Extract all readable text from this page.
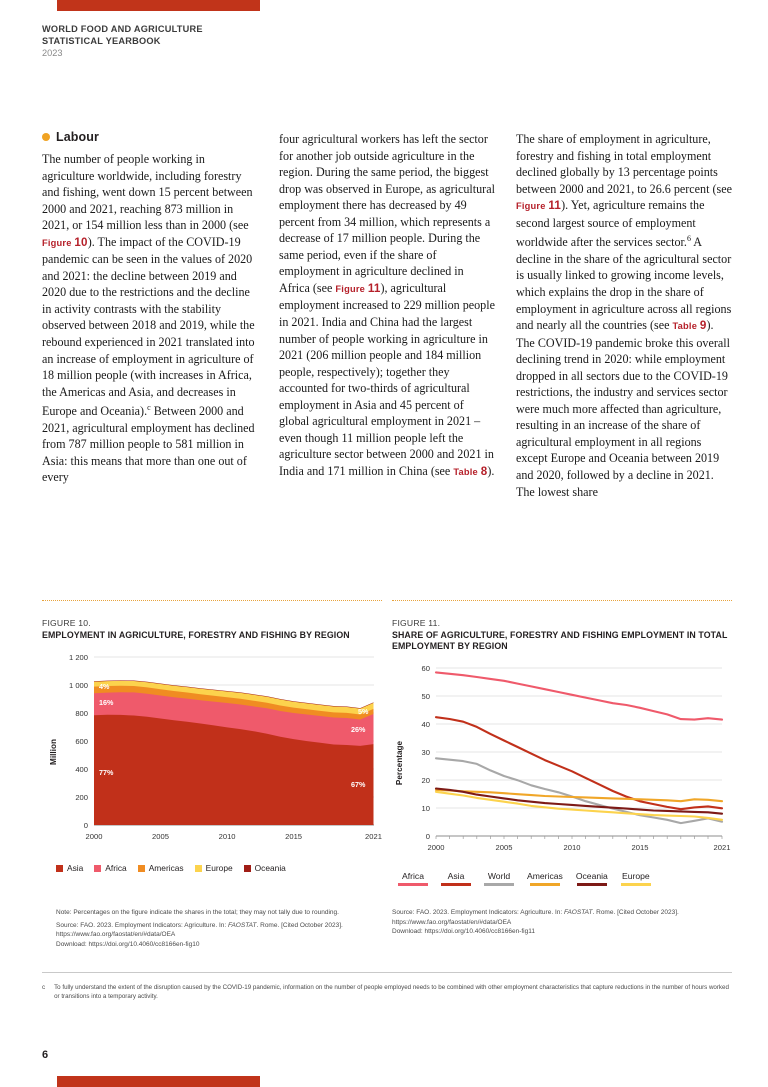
WORLD FOOD AND AGRICULTURE
STATISTICAL YEARBOOK
2023
Labour

The number of people working in agriculture worldwide, including forestry and fishing, went down 15 percent between 2000 and 2021, reaching 873 million in 2021, or 154 million less than in 2000 (see Figure 10). The impact of the COVID-19 pandemic can be seen in the values of 2020 and 2021: the decline between 2019 and 2020 due to the restrictions and the decline in activity contrasts with the stability observed between 2018 and 2019, while the rebound experienced in 2021 translated into an increase of employment in agriculture of 18 million people (with increases in Africa, the Americas and Asia, and decreases in Europe and Oceania).$^c$ Between 2000 and 2021, agricultural employment has declined from 787 million people to 581 million in Asia: this means that more than one out of every

four agricultural workers has left the sector for another job outside agriculture in the region. During the same period, the biggest drop was observed in Europe, as agricultural employment there has decreased by 49 percent from 34 million, which represents a decrease of 17 million people. During the same period, even if the share of employment in agriculture declined in Africa (see Figure 11), agricultural employment increased to 229 million people in 2021. India and China had the largest number of people working in agriculture in 2021 (206 million people and 184 million people, respectively); together they accounted for two-thirds of agricultural employment in Asia and 45 percent of global agricultural employment in 2021 – even though 11 million people left the agriculture sector between 2000 and 2021 in India and 171 million in China (see Table 8).

The share of employment in agriculture, forestry and fishing in total employment declined globally by 13 percentage points between 2000 and 2021, to 26.6 percent (see Figure 11). Yet, agriculture remains the second largest source of employment worldwide after the services sector.$^6$ A decline in the share of the agricultural sector is usually linked to growing income levels, which explains the drop in the share of employment in agriculture across all regions and nearly all the countries (see Table 9). The COVID-19 pandemic broke this overall declining trend in 2020: while employment dropped in all sectors due to the COVID-19 restrictions, the industry and services sector were much more affected than agriculture, resulting in an increase of the share of agricultural employment in all regions except Europe and Oceania between 2019 and 2020, followed by a decline in 2021. The lowest share

FIGURE 10.
EMPLOYMENT IN AGRICULTURE, FORESTRY AND FISHING BY REGION
1 200
1 000
800
600
400
200
0
2000	2005	2010	2015	2021
Million
4%
16%
77%
5%
26%
67%
Asia	Africa	Americas	Europe	Oceania
FIGURE 11.
SHARE OF AGRICULTURE, FORESTRY AND FISHING EMPLOYMENT IN TOTAL EMPLOYMENT BY REGION
60
50
40
30
20
10
0
2000	2005	2010	2015	2021
Percentage
Africa	Asia	World Americas Oceania Europe
Note: Percentages on the figure indicate the shares in the total; they may not tally due to rounding.
Source: FAO. 2023. Employment Indicators: Agriculture. In: FAOSTAT. Rome. [Cited October 2023]. https://www.fao.org/faostat/en/#data/OEA
Download: https://doi.org/10.4060/cc8166en-fig10
Source: FAO. 2023. Employment Indicators: Agriculture. In: FAOSTAT. Rome. [Cited October 2023]. https://www.fao.org/faostat/en/#data/OEA
Download: https://doi.org/10.4060/cc8166en-fig11
c To fully understand the extent of the disruption caused by the COVID-19 pandemic, information on the number of people employed needs to be combined with other employment characteristics that capture reductions in the number of hours worked or transitions into a temporary activity.
6
